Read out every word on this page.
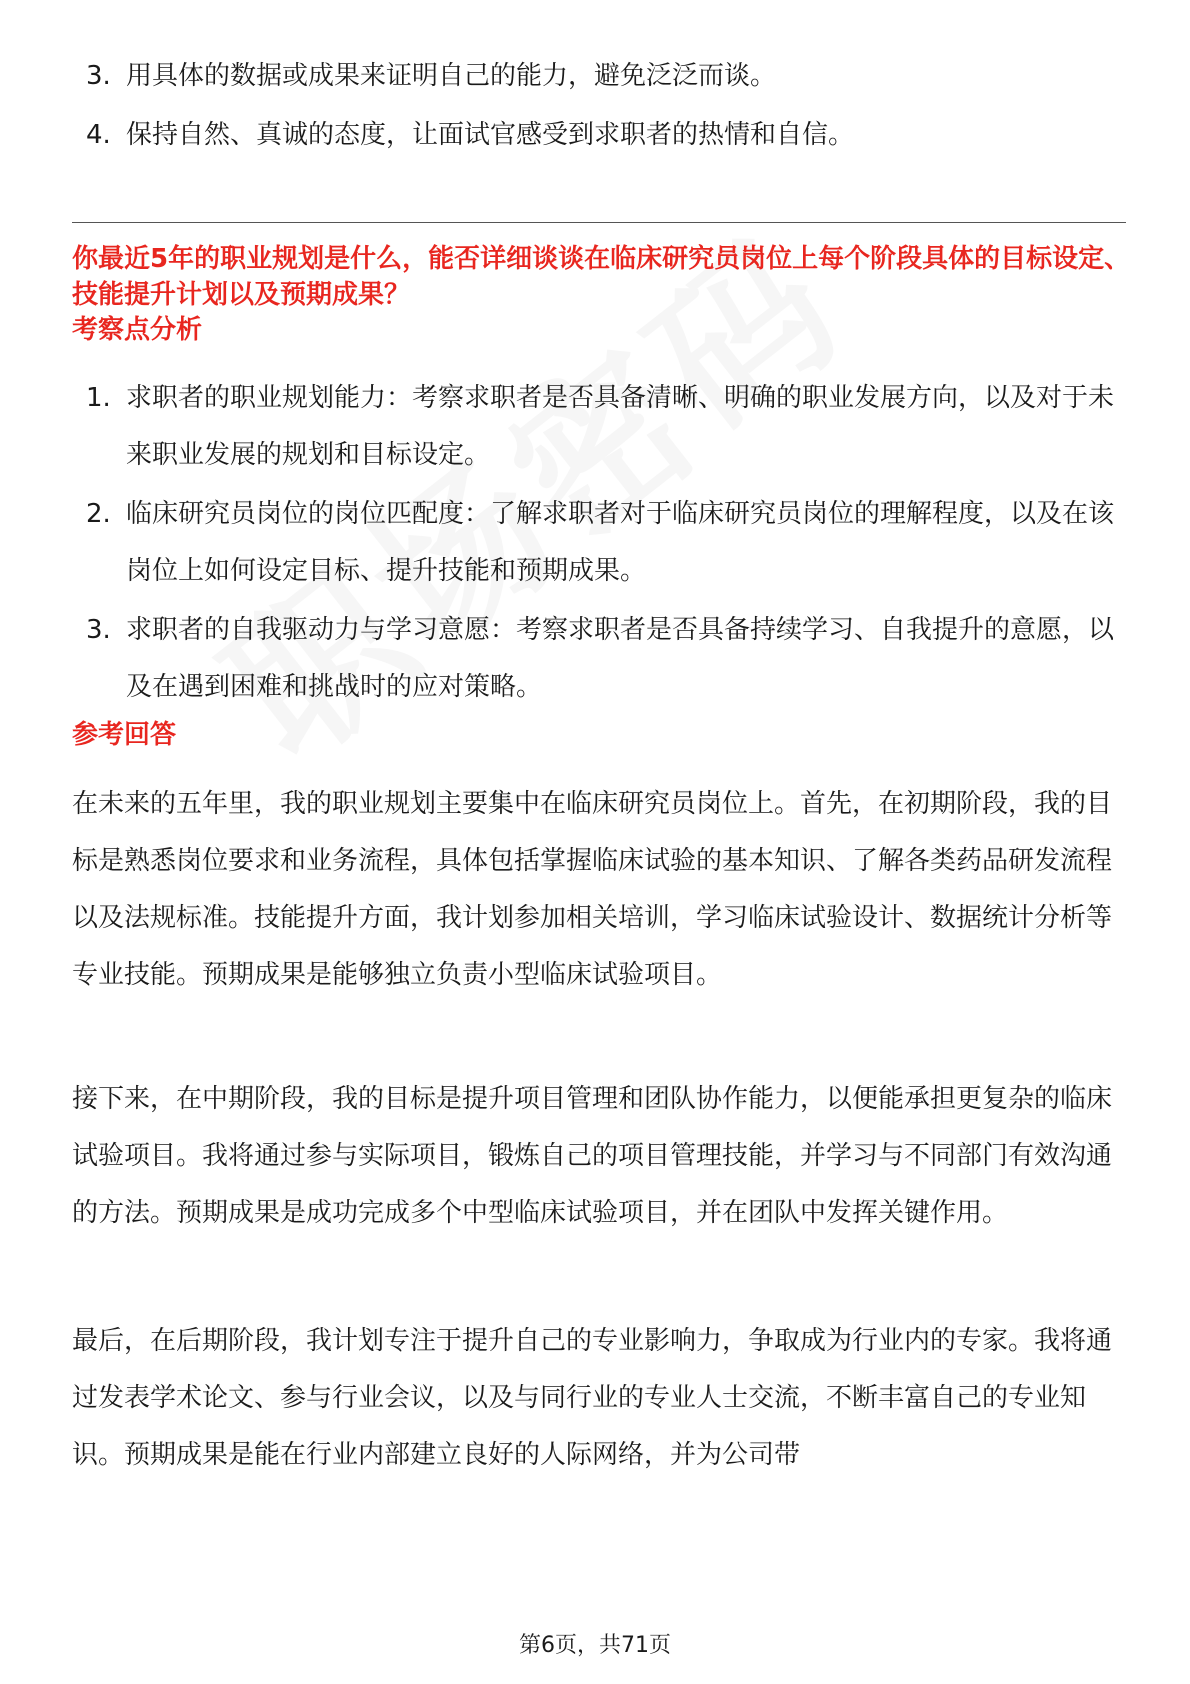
3. 用具体的数据或成果来证明自己的能力，避免泛泛而谈。
4. 保持自然、真诚的态度，让面试官感受到求职者的热情和自信。
你最近5年的职业规划是什么，能否详细谈谈在临床研究员岗位上每个阶段具体的目标设定、技能提升计划以及预期成果？
考察点分析
1. 求职者的职业规划能力：考察求职者是否具备清晰、明确的职业发展方向，以及对于未来职业发展的规划和目标设定。
2. 临床研究员岗位的岗位匹配度：了解求职者对于临床研究员岗位的理解程度，以及在该岗位上如何设定目标、提升技能和预期成果。
3. 求职者的自我驱动力与学习意愿：考察求职者是否具备持续学习、自我提升的意愿，以及在遇到困难和挑战时的应对策略。
参考回答

在未来的五年里，我的职业规划主要集中在临床研究员岗位上。首先，在初期阶段，我的目标是熟悉岗位要求和业务流程，具体包括掌握临床试验的基本知识、了解各类药品研发流程以及法规标准。技能提升方面，我计划参加相关培训，学习临床试验设计、数据统计分析等专业技能。预期成果是能够独立负责小型临床试验项目。

接下来，在中期阶段，我的目标是提升项目管理和团队协作能力，以便能承担更复杂的临床试验项目。我将通过参与实际项目，锻炼自己的项目管理技能，并学习与不同部门有效沟通的方法。预期成果是成功完成多个中型临床试验项目，并在团队中发挥关键作用。

最后，在后期阶段，我计划专注于提升自己的专业影响力，争取成为行业内的专家。我将通过发表学术论文、参与行业会议，以及与同行业的专业人士交流，不断丰富自己的专业知识。预期成果是能在行业内部建立良好的人际网络，并为公司带

第6页，共71页
